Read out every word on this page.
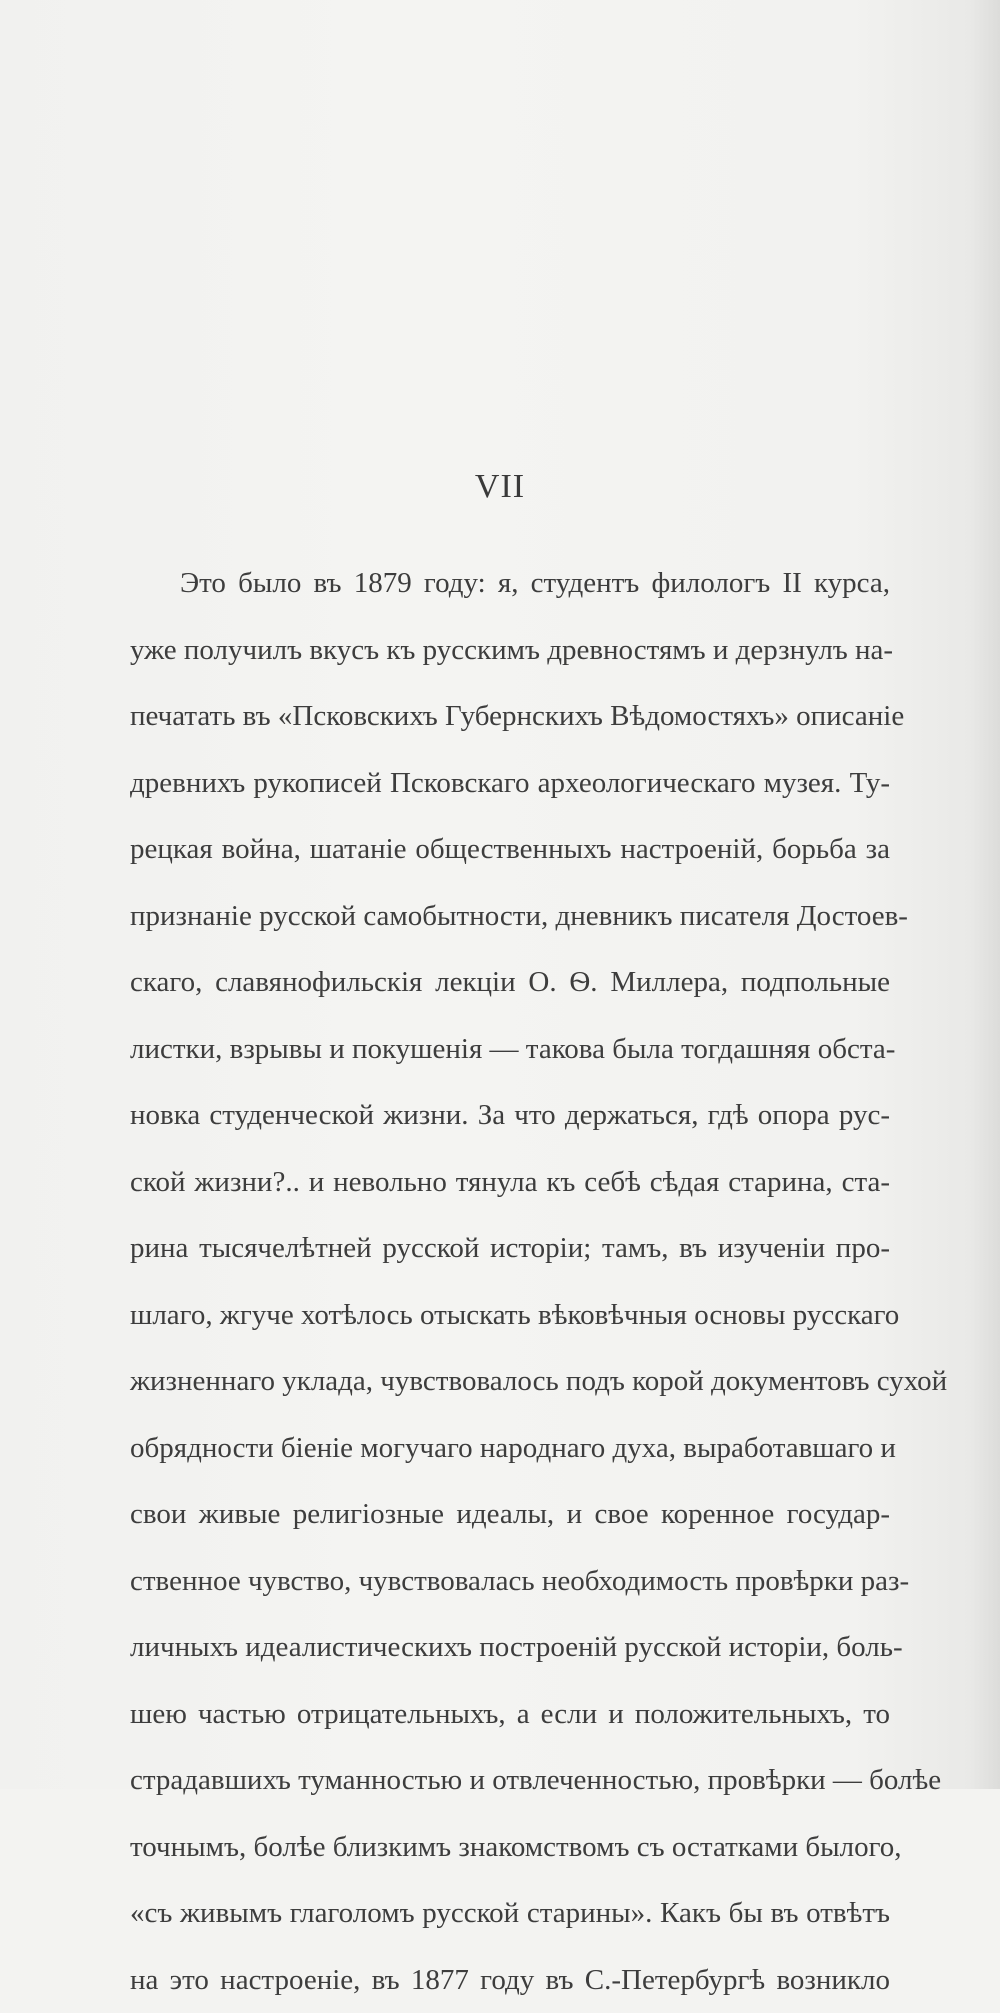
VII
Это было въ 1879 году: я, студентъ филологъ II курса,
уже получилъ вкусъ къ русскимъ древностямъ и дерзнулъ на-
печатать въ «Псковскихъ Губернскихъ Вѣдомостяхъ» описаніе
древнихъ рукописей Псковскаго археологическаго музея. Ту-
рецкая война, шатаніе общественныхъ настроеній, борьба за
признаніе русской самобытности, дневникъ писателя Достоев-
скаго, славянофильскія лекціи О. Ѳ. Миллера, подпольные
листки, взрывы и покушенія — такова была тогдашняя обста-
новка студенческой жизни. За что держаться, гдѣ опора рус-
ской жизни?.. и невольно тянула къ себѣ сѣдая старина, ста-
рина тысячелѣтней русской исторіи; тамъ, въ изученіи про-
шлаго, жгуче хотѣлось отыскать вѣковѣчныя основы русскаго
жизненнаго уклада, чувствовалось подъ корой документовъ сухой
обрядности біеніе могучаго народнаго духа, выработавшаго и
свои живые религіозные идеалы, и свое коренное государ-
ственное чувство, чувствовалась необходимость провѣрки раз-
личныхъ идеалистическихъ построеній русской исторіи, боль-
шею частью отрицательныхъ, а если и положительныхъ, то
страдавшихъ туманностью и отвлеченностью, провѣрки — болѣе
точнымъ, болѣе близкимъ знакомствомъ съ остатками былого,
«съ живымъ глаголомъ русской старины». Какъ бы въ отвѣтъ
на это настроеніе, въ 1877 году въ С.-Петербургѣ возникло
